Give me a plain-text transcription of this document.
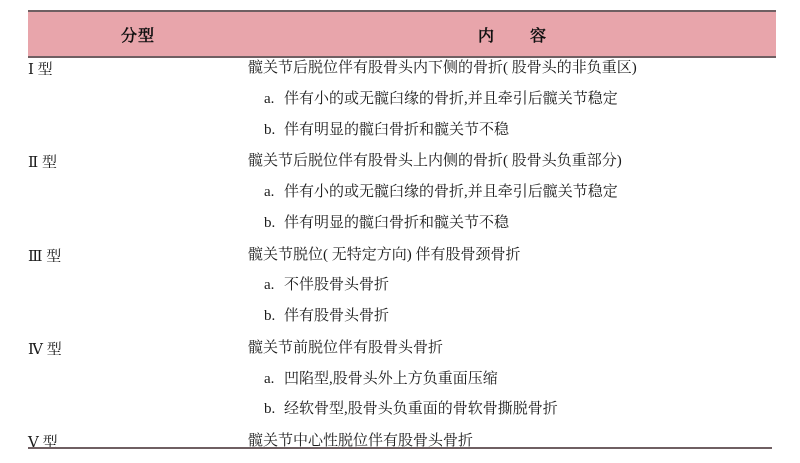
分型	内　容
Ⅰ 型	髋关节后脱位伴有股骨头内下侧的骨折( 股骨头的非负重区)

a. 伴有小的或无髋臼缘的骨折,并且牵引后髋关节稳定

b. 伴有明显的髋臼骨折和髋关节不稳

Ⅱ 型	髋关节后脱位伴有股骨头上内侧的骨折( 股骨头负重部分)

a. 伴有小的或无髋臼缘的骨折,并且牵引后髋关节稳定

b. 伴有明显的髋臼骨折和髋关节不稳

Ⅲ 型	髋关节脱位( 无特定方向) 伴有股骨颈骨折

a. 不伴股骨头骨折

b. 伴有股骨头骨折

Ⅳ 型	髋关节前脱位伴有股骨头骨折

a. 凹陷型,股骨头外上方负重面压缩

b. 经软骨型,股骨头负重面的骨软骨撕脱骨折

Ⅴ 型	髋关节中心性脱位伴有股骨头骨折
